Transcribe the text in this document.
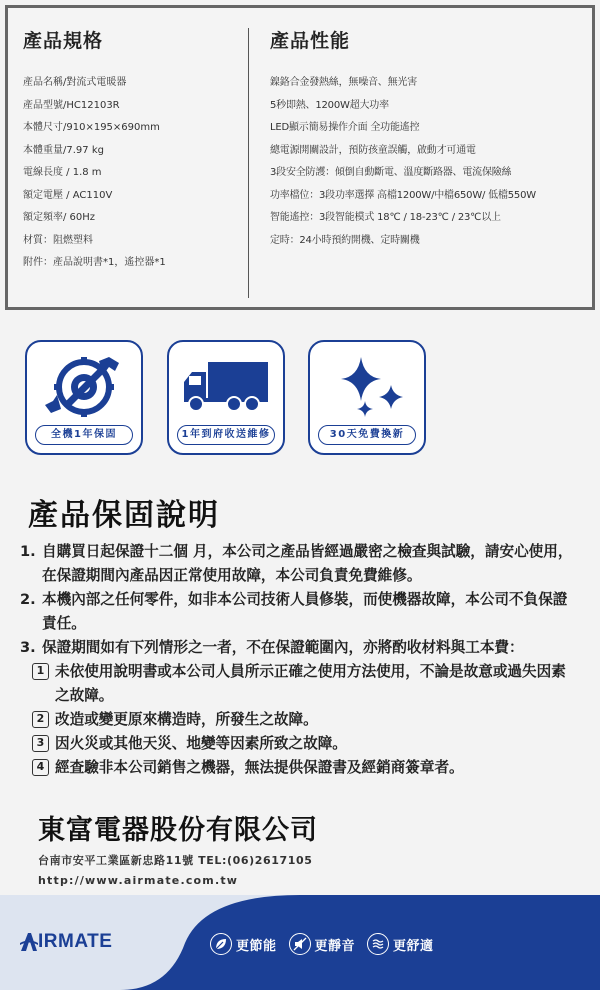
產品規格
產品名稱/對流式電暖器
產品型號/HC12103R
本體尺寸/910×195×690mm
本體重量/7.97 kg
電線長度 / 1.8 m
額定電壓 / AC110V
額定頻率/ 60Hz
材質：阻燃塑料
附件：產品說明書*1，遙控器*1
產品性能
鎳鉻合金發熱絲，無噪音、無光害
5秒即熱、1200W超大功率
LED顯示簡易操作介面 全功能遙控
總電源開關設計，預防孩童誤觸，啟動才可通電
3段安全防護：傾倒自動斷電、溫度斷路器、電流保險絲
功率檔位：3段功率選擇 高檔1200W/中檔650W/ 低檔550W
智能遙控：3段智能模式 18℃ / 18-23℃ / 23℃以上
定時：24小時預約開機、定時關機
全機1年保固	1年到府收送維修	30天免費換新
產品保固說明
1. 自購買日起保證十二個 月，本公司之產品皆經過嚴密之檢查與試驗，請安心使用，在保證期間內產品因正常使用故障，本公司負責免費維修。
2. 本機內部之任何零件，如非本公司技術人員修裝，而使機器故障，本公司不負保證責任。
3. 保證期間如有下列情形之一者，不在保證範圍內，亦將酌收材料與工本費：
1 未依使用說明書或本公司人員所示正確之使用方法使用，不論是故意或過失因素之故障。
2 改造或變更原來構造時，所發生之故障。
3 因火災或其他天災、地變等因素所致之故障。
4 經查驗非本公司銷售之機器，無法提供保證書及經銷商簽章者。
東富電器股份有限公司
台南市安平工業區新忠路11號 TEL:(06)2617105
http://www.airmate.com.tw
IRMATE	更節能	更靜音	更舒適
